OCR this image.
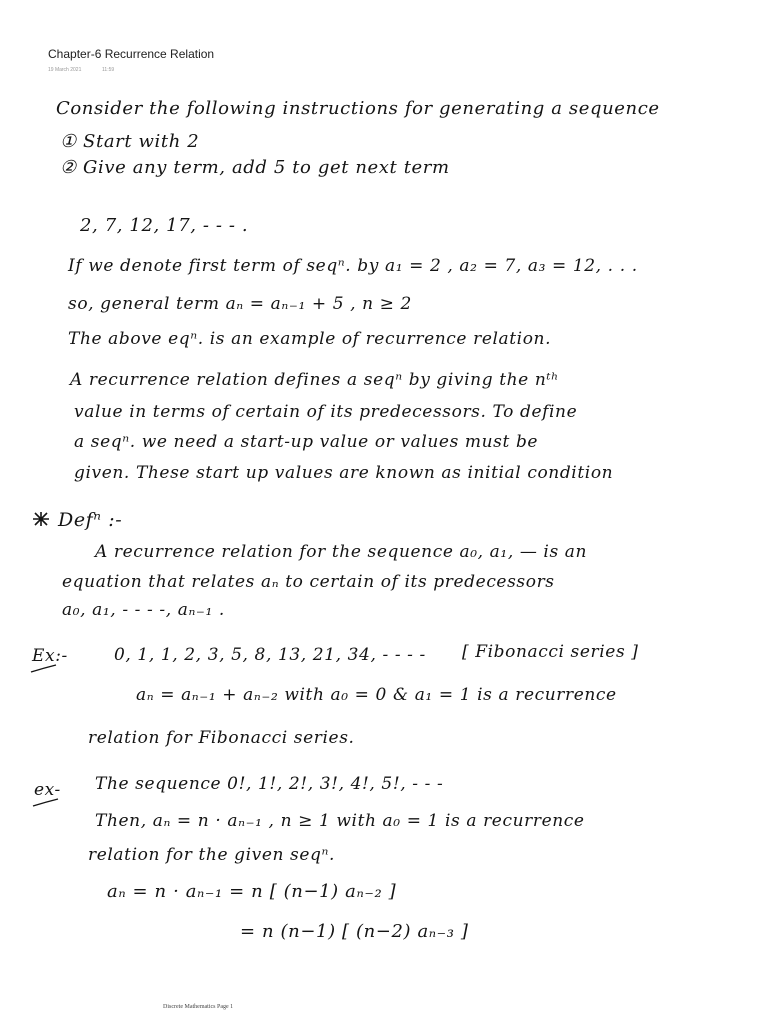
Chapter-6 Recurrence Relation
19 March 2021	11:59
Consider the following instructions for generating a sequence
① Start with 2
② Give any term, add 5 to get next term
2, 7, 12, 17, - - - .
If we denote first term of seqⁿ. by a₁ = 2 , a₂ = 7, a₃ = 12, . . .
so, general term aₙ = aₙ₋₁ + 5 , n ≥ 2
The above eqⁿ. is an example of recurrence relation.
A recurrence relation defines a seqⁿ by giving the nᵗʰ
value in terms of certain of its predecessors. To define
a seqⁿ. we need a start-up value or values must be
given. These start up values are known as initial condition
Defⁿ :-
A recurrence relation for the sequence a₀, a₁, — is an
equation that relates aₙ to certain of its predecessors
a₀, a₁, - - - -, aₙ₋₁ .
Ex:-	0, 1, 1, 2, 3, 5, 8, 13, 21, 34, - - - - [ Fibonacci series ]
aₙ = aₙ₋₁ + aₙ₋₂ with a₀ = 0 & a₁ = 1 is a recurrence
relation for Fibonacci series.
ex- The sequence 0!, 1!, 2!, 3!, 4!, 5!, - - -
Then, aₙ = n · aₙ₋₁ , n ≥ 1 with a₀ = 1 is a recurrence
relation for the given seqⁿ.
aₙ = n · aₙ₋₁ = n [ (n−1) aₙ₋₂ ]
= n (n−1) [ (n−2) aₙ₋₃ ]
Discrete Mathematics Page 1
